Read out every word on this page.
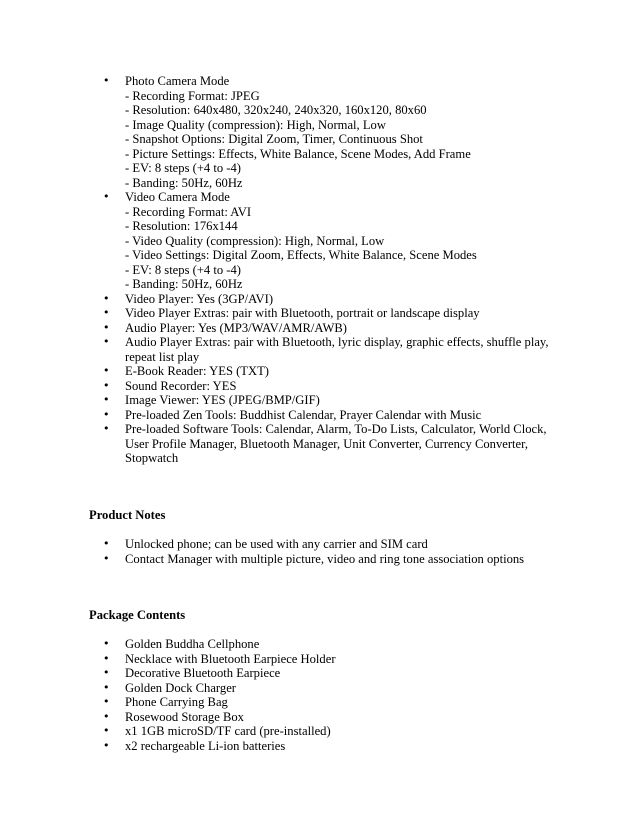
• Photo Camera Mode
- Recording Format: JPEG
- Resolution: 640x480, 320x240, 240x320, 160x120, 80x60
- Image Quality (compression): High, Normal, Low
- Snapshot Options: Digital Zoom, Timer, Continuous Shot
- Picture Settings: Effects, White Balance, Scene Modes, Add Frame
- EV: 8 steps (+4 to -4)
- Banding: 50Hz, 60Hz
• Video Camera Mode
- Recording Format: AVI
- Resolution: 176x144
- Video Quality (compression): High, Normal, Low
- Video Settings: Digital Zoom, Effects, White Balance, Scene Modes
- EV: 8 steps (+4 to -4)
- Banding: 50Hz, 60Hz
• Video Player: Yes (3GP/AVI)
• Video Player Extras: pair with Bluetooth, portrait or landscape display
• Audio Player: Yes (MP3/WAV/AMR/AWB)
• Audio Player Extras: pair with Bluetooth, lyric display, graphic effects, shuffle play, repeat list play
• E-Book Reader: YES (TXT)
• Sound Recorder: YES
• Image Viewer: YES (JPEG/BMP/GIF)
• Pre-loaded Zen Tools: Buddhist Calendar, Prayer Calendar with Music
• Pre-loaded Software Tools: Calendar, Alarm, To-Do Lists, Calculator, World Clock, User Profile Manager, Bluetooth Manager, Unit Converter, Currency Converter, Stopwatch

Product Notes

• Unlocked phone; can be used with any carrier and SIM card
• Contact Manager with multiple picture, video and ring tone association options

Package Contents

• Golden Buddha Cellphone
• Necklace with Bluetooth Earpiece Holder
• Decorative Bluetooth Earpiece
• Golden Dock Charger
• Phone Carrying Bag
• Rosewood Storage Box
• x1 1GB microSD/TF card (pre-installed)
• x2 rechargeable Li-ion batteries
